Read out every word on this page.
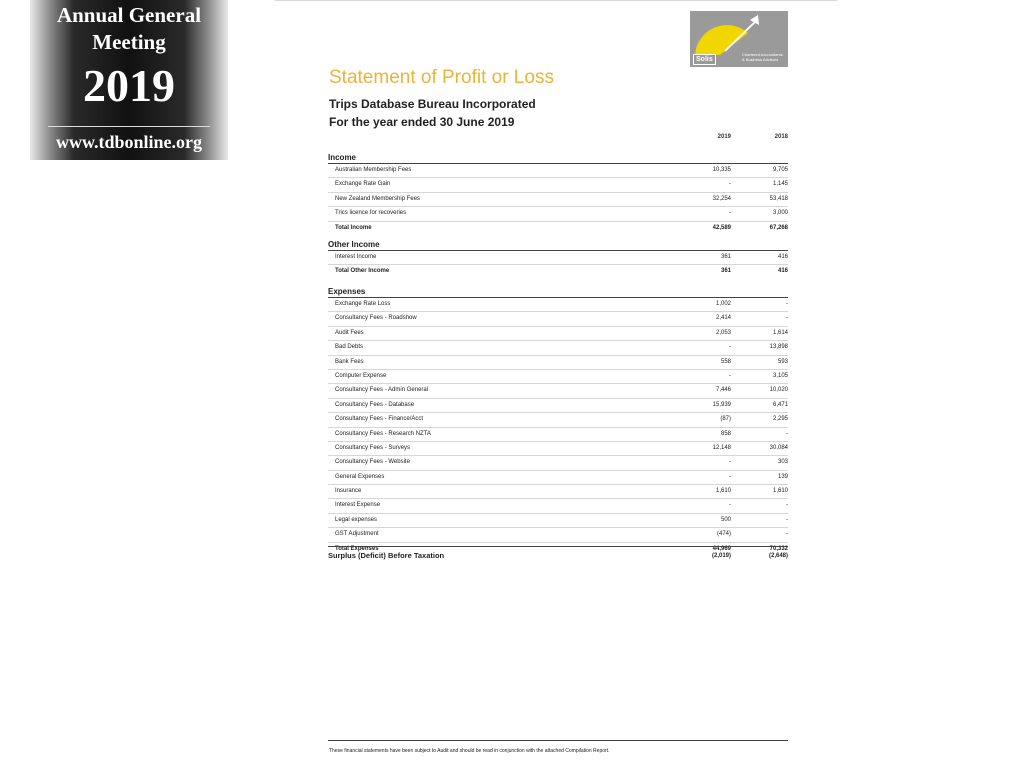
Annual General
Meeting
2019
www.tdbonline.org
Solis
Chartered Accountants & Business Advisors
Statement of Profit or Loss
Trips Database Bureau Incorporated
For the year ended 30 June 2019
2019	2018
Income
Australian Membership Fees	10,335	9,705
Exchange Rate Gain	-	1,145
New Zealand Membership Fees	32,254	53,418
Trics licence for recoveries	-	3,000
Total Income	42,589	67,268
Other Income
Interest Income	361	416
Total Other Income	361	416
Expenses
Exchange Rate Loss	1,002	-
Consultancy Fees - Roadshow	2,414	-
Audit Fees	2,053	1,614
Bad Debts	-	13,898
Bank Fees	558	593
Computer Expense	-	3,105
Consultancy Fees - Admin General	7,446	10,020
Consultancy Fees - Database	15,939	6,471
Consultancy Fees - Finance/Acct	(87)	2,295
Consultancy Fees - Research NZTA	858	-
Consultancy Fees - Surveys	12,148	30,084
Consultancy Fees - Website	-	303
General Expenses	-	139
Insurance	1,610	1,610
Interest Expense	-	-
Legal expenses	500	-
GST Adjustment	(474)	-
Total Expenses	44,969	70,332
Surplus (Deficit) Before Taxation	(2,019)	(2,648)
These financial statements have been subject to Audit and should be read in conjunction with the attached Compilation Report.
